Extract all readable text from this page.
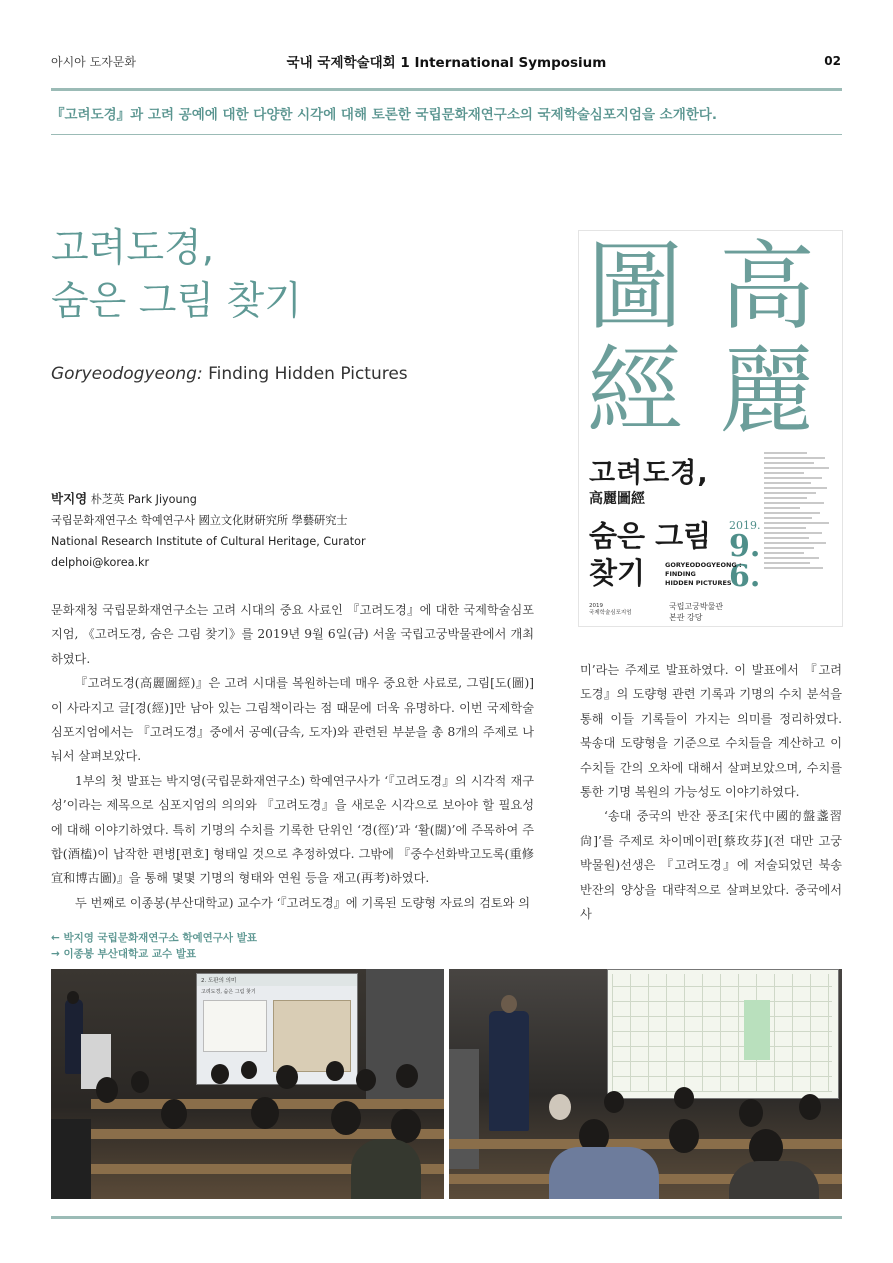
아시아 도자문화	국내 국제학술대회 1 International Symposium	02
『고려도경』과 고려 공예에 대한 다양한 시각에 대해 토론한 국립문화재연구소의 국제학술심포지엄을 소개한다.
고려도경,
숨은 그림 찾기
Goryeodogyeong: Finding Hidden Pictures
박지영 朴芝英 Park Jiyoung
국립문화재연구소 학예연구사 國立文化財硏究所 學藝硏究士
National Research Institute of Cultural Heritage, Curator
delphoi@korea.kr
圖 高
經 麗
고려도경,
高麗圖經
숨은 그림 찾기
2019.
9.
6.
GORYEODOGYEONG :
FINDING
HIDDEN PICTURES
국립고궁박물관
본관 강당
2019
국제학술심포지엄

문화재청 국립문화재연구소는 고려 시대의 중요 사료인 『고려도경』에 대한 국제학술심포지엄, 《고려도경, 숨은 그림 찾기》를 2019년 9월 6일(금) 서울 국립고궁박물관에서 개최하였다.

『고려도경(高麗圖經)』은 고려 시대를 복원하는데 매우 중요한 사료로, 그림[도(圖)]이 사라지고 글[경(經)]만 남아 있는 그림책이라는 점 때문에 더욱 유명하다. 이번 국제학술심포지엄에서는 『고려도경』중에서 공예(금속, 도자)와 관련된 부분을 총 8개의 주제로 나눠서 살펴보았다.

1부의 첫 발표는 박지영(국립문화재연구소) 학예연구사가 ‘『고려도경』의 시각적 재구성’이라는 제목으로 심포지엄의 의의와 『고려도경』을 새로운 시각으로 보아야 할 필요성에 대해 이야기하였다. 특히 기명의 수치를 기록한 단위인 ‘경(徑)’과 ‘활(闊)’에 주목하여 주합(酒榼)이 납작한 편병[편호] 형태일 것으로 추정하였다. 그밖에 『중수선화박고도록(重修宣和博古圖)』을 통해 몇몇 기명의 형태와 연원 등을 재고(再考)하였다.

두 번째로 이종봉(부산대학교) 교수가 ‘『고려도경』에 기록된 도량형 자료의 검토와 의

미’라는 주제로 발표하였다. 이 발표에서 『고려도경』의 도량형 관련 기록과 기명의 수치 분석을 통해 이들 기록들이 가지는 의미를 정리하였다. 북송대 도량형을 기준으로 수치들을 계산하고 이 수치들 간의 오차에 대해서 살펴보았으며, 수치를 통한 기명 복원의 가능성도 이야기하였다.

‘송대 중국의 반잔 풍조[宋代中國的盤盞習尙]’를 주제로 차이메이펀[蔡玫芬](전 대만 고궁박물원)선생은 『고려도경』에 저술되었던 북송 반잔의 양상을 대략적으로 살펴보았다. 중국에서 사

← 박지영 국립문화재연구소 학예연구사 발표
→ 이종봉 부산대학교 교수 발표
2. 도판의 의미
고려도경, 숨은 그림 찾기
